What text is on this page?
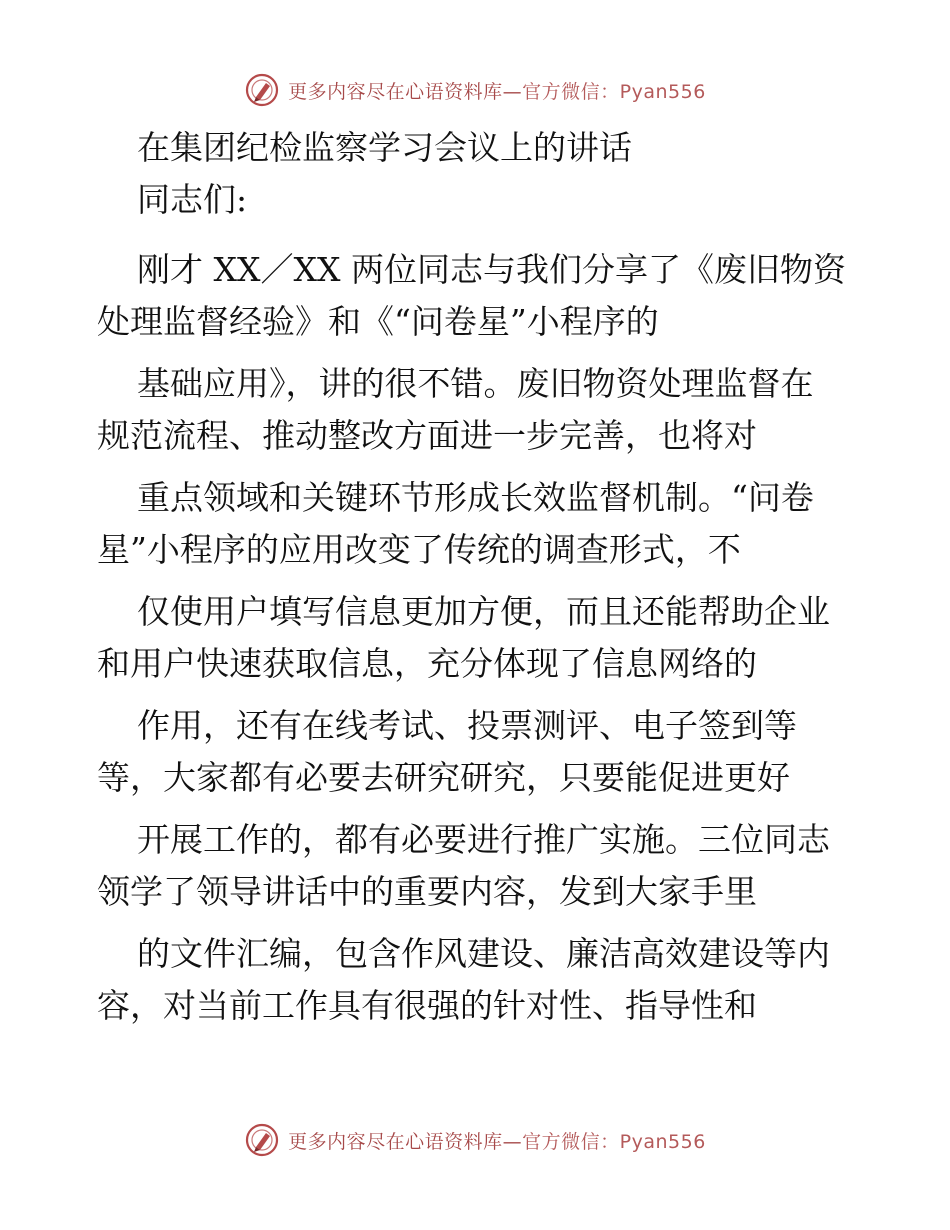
更多内容尽在心语资料库—官方微信：Pyan556
在集团纪检监察学习会议上的讲话
同志们:
刚才 XX／XX 两位同志与我们分享了《废旧物资
处理监督经验》和《“问卷星”小程序的
基础应用》，讲的很不错。废旧物资处理监督在
规范流程、推动整改方面进一步完善，也将对
重点领域和关键环节形成长效监督机制。“问卷
星”小程序的应用改变了传统的调查形式，不
仅使用户填写信息更加方便，而且还能帮助企业
和用户快速获取信息，充分体现了信息网络的
作用，还有在线考试、投票测评、电子签到等
等，大家都有必要去研究研究，只要能促进更好
开展工作的，都有必要进行推广实施。三位同志
领学了领导讲话中的重要内容，发到大家手里
的文件汇编，包含作风建设、廉洁高效建设等内
容，对当前工作具有很强的针对性、指导性和
更多内容尽在心语资料库—官方微信：Pyan556
